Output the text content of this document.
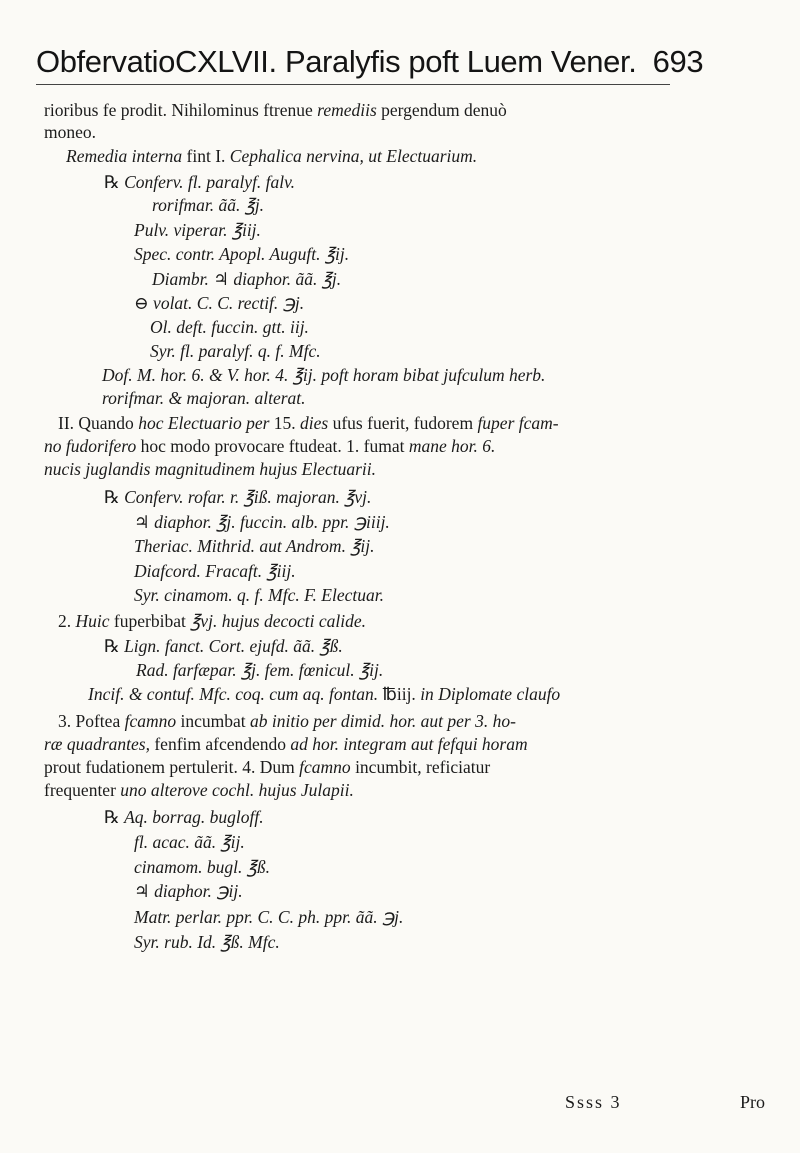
ObfervatioCXLVII. Paralyfis poft Luem Vener. 693
rioribus fe prodit. Nihilominus ftrenue remediis pergendum denuò
moneo.
Remedia interna fint I. Cephalica nervina, ut Electuarium.
℞ Conferv. fl. paralyf. falv.
rorifmar. ãã. ℥j.
Pulv. viperar. ℥iij.
Spec. contr. Apopl. Auguft. ℥ij.
Diambr. ♃ diaphor. ãã. ℥j.
⊖ volat. C. C. rectif. ℈j.
Ol. deft. fuccin. gtt. iij.
Syr. fl. paralyf. q. f. Mfc.
Dof. M. hor. 6. & V. hor. 4. ℥ij. poft horam bibat jufculum herb.
rorifmar. & majoran. alterat.
II. Quando hoc Electuario per 15. dies ufus fuerit, fudorem fuper fcam-
no fudorifero hoc modo provocare ftudeat. 1. fumat mane hor. 6.
nucis juglandis magnitudinem hujus Electuarii.
℞ Conferv. rofar. r. ℥iß. majoran. ℥vj.
♃ diaphor. ℥j. fuccin. alb. ppr. ℈iiij.
Theriac. Mithrid. aut Androm. ℥ij.
Diafcord. Fracaft. ℥iij.
Syr. cinamom. q. f. Mfc. F. Electuar.
2. Huic fuperbibat ℥vj. hujus decocti calide.
℞ Lign. fanct. Cort. ejufd. ãã. ℥ß.
Rad. farfæpar. ℥j. fem. fœnicul. ℥ij.
Incif. & contuf. Mfc. coq. cum aq. fontan. ℔iij. in Diplomate claufo
3. Poftea fcamno incumbat ab initio per dimid. hor. aut per 3. ho-
ræ quadrantes, fenfim afcendendo ad hor. integram aut fefqui horam
prout fudationem pertulerit. 4. Dum fcamno incumbit, reficiatur
frequenter uno alterove cochl. hujus Julapii.
℞ Aq. borrag. bugloff.
fl. acac. ãã. ℥ij.
cinamom. bugl. ℥ß.
♃ diaphor. ℈ij.
Matr. perlar. ppr. C. C. ph. ppr. ãã. ℈j.
Syr. rub. Id. ℥ß. Mfc.
Ssss 3	Pro
